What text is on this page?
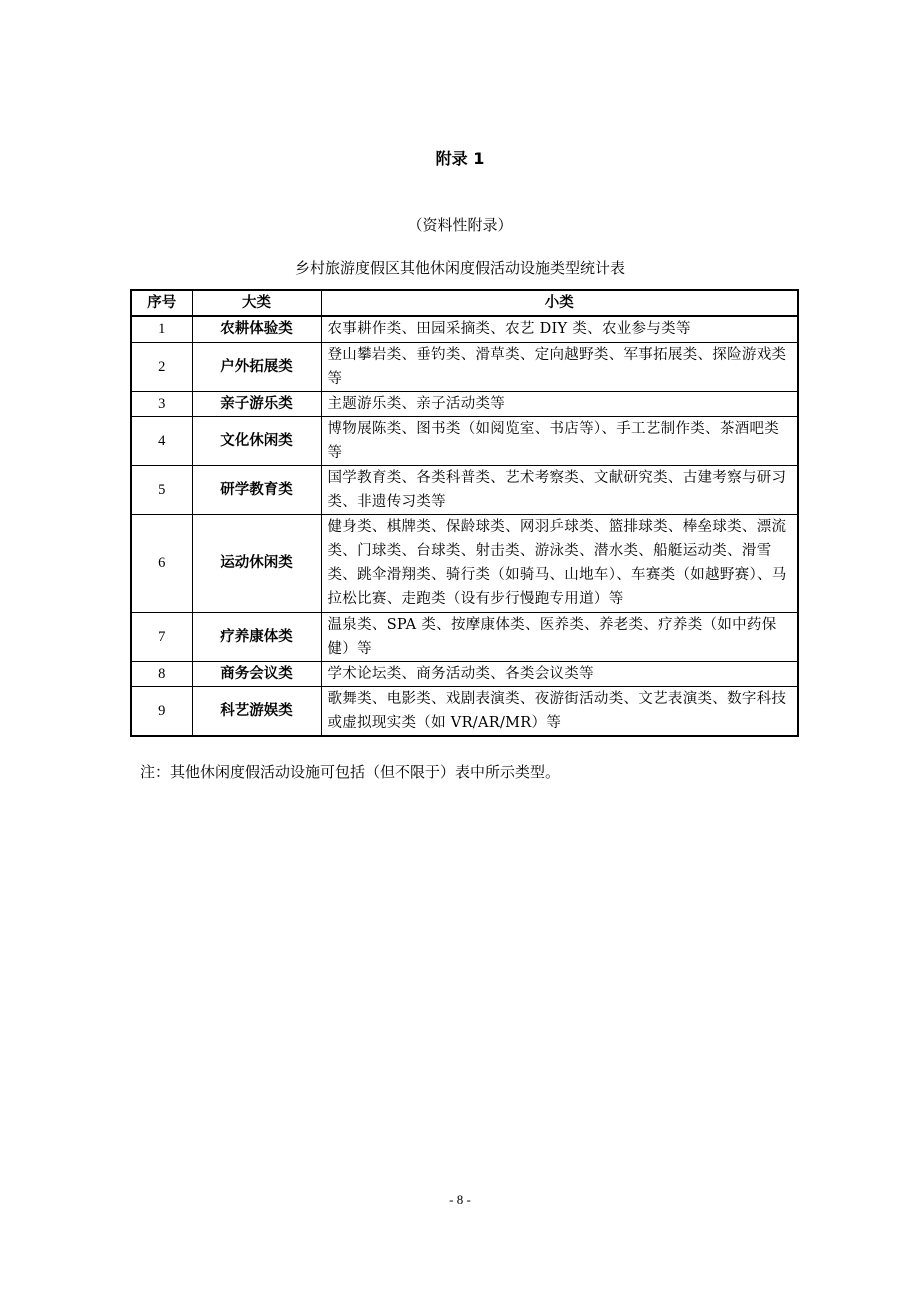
附录 1
（资料性附录）
乡村旅游度假区其他休闲度假活动设施类型统计表
序号	大类	小类
1	农耕体验类	农事耕作类、田园采摘类、农艺 DIY 类、农业参与类等
2	户外拓展类	登山攀岩类、垂钓类、滑草类、定向越野类、军事拓展类、探险游戏类等
3	亲子游乐类	主题游乐类、亲子活动类等
4	文化休闲类	博物展陈类、图书类（如阅览室、书店等）、手工艺制作类、茶酒吧类等
5	研学教育类	国学教育类、各类科普类、艺术考察类、文献研究类、古建考察与研习类、非遗传习类等
6	运动休闲类	健身类、棋牌类、保龄球类、网羽乒球类、篮排球类、棒垒球类、漂流类、门球类、台球类、射击类、游泳类、潜水类、船艇运动类、滑雪类、跳伞滑翔类、骑行类（如骑马、山地车）、车赛类（如越野赛）、马拉松比赛、走跑类（设有步行慢跑专用道）等
7	疗养康体类	温泉类、SPA 类、按摩康体类、医养类、养老类、疗养类（如中药保健）等
8	商务会议类	学术论坛类、商务活动类、各类会议类等
9	科艺游娱类	歌舞类、电影类、戏剧表演类、夜游街活动类、文艺表演类、数字科技或虚拟现实类（如 VR/AR/MR）等
注：其他休闲度假活动设施可包括（但不限于）表中所示类型。
- 8 -
